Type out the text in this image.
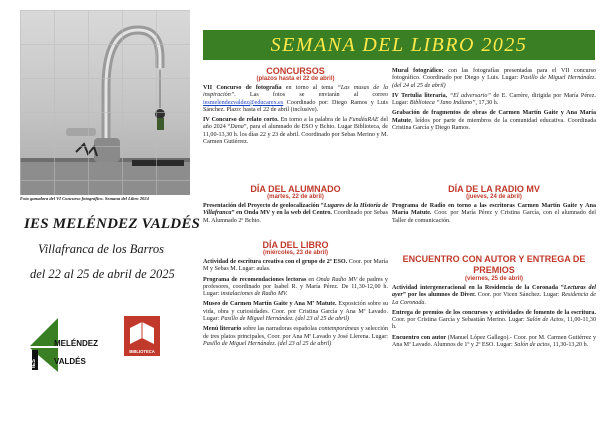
Foto ganadora del VI Concurso fotográfico. Semana del Libro 2024
IES MELÉNDEZ VALDÉS
Villafranca de los Barros
del 22 al 25 de abril de 2025
IES
MELÉNDEZ
VALDÉS
BIBLIOTECA
SEMANA DEL LIBRO 2025

CONCURSOS

(plazos hasta el 22 de abril)

VII Concurso de fotografía en torno al tema “Las musas de la inspiración”. Las fotos se enviarán al correo iesmelendezvaldez@educarex.es Coordinado por: Diego Ramos y Luis Sánchez. Plazo: hasta el 22 de abril (inclusive).

IV Concurso de relato corto. En torno a la palabra de la FundéuRAE del año 2024 “Dana”, para el alumnado de ESO y Bchto. Lugar Biblioteca, de 11,00-13,30 h. los días 22 y 23 de abril. Coordinado por Sebas Merino y M. Carmen Gutiérrez.

DÍA DEL ALUMNADO

(martes, 22 de abril)

Presentación del Proyecto de geolocalización “Lugares de la Historia de Villafranca” en Onda MV y en la web del Centro. Coordinado por Sebas M. Alumnado 2º Bchto.

DÍA DEL LIBRO

(miércoles, 23 de abril)

Actividad de escritura creativa con el grupo de 2º ESO. Coor. por María M y Sebas M. Lugar: aulas.

Programa de recomendaciones lectoras en Onda Radio MV de padres y profesores, coordinado por Isabel R. y María Pérez. De 11,30-12,00 h. Lugar: instalaciones de Radio MV.

Museo de Carmen Martín Gaite y Ana Mª Matute. Exposición sobre su vida, obra y curiosidades. Coor. por Cristina García y Ana Mª Lavado. Lugar: Pasillo de Miguel Hernández. (del 23 al 25 de abril)

Menú literario sobre las narradoras españolas contemporáneas y selección de tres platos principales, Coor. por Ana Mª Lavado y José Llerena. Lugar: Pasillo de Miguel Hernández. (del 23 al 25 de abril)

Mural fotográfico: con las fotografías presentadas para el VII concurso fotográfico. Coordinado por Diego y Luis. Lugar: Pasillo de Miguel Hernández. (del 24 al 25 de abril)

IV Tertulia literaria, “El adversario” de E. Carrère, dirigida por María Pérez. Lugar: Biblioteca “Jano Indiano”, 17,30 h.

Grabación de fragmentos de obras de Carmen Martín Gaite y Ana María Matute, leídos por parte de miembros de la comunidad educativa. Coordinada Cristina García y Diego Ramos.

DÍA DE LA RADIO MV

(jueves, 24 de abril)

Programa de Radio en torno a las escritoras Carmen Martín Gaite y Ana María Matute. Coor. por María Pérez y Cristina García, con el alumnado del Taller de comunicación.

ENCUENTRO CON AUTOR Y ENTREGA DE PREMIOS

(viernes, 25 de abril)

Actividad intergeneracional en la Residencia de la Coronada “Lecturas del ayer” por los alumnos de Diver. Coor. por Vicen Sánchez. Lugar: Residencia de La Coronada.

Entrega de premios de los concursos y actividades de fomento de la escritura. Coor. por Cristina García y Sebastián Merino. Lugar: Salón de Actos, 11,00-11,30 h.

Encuentro con autor (Manuel López Gallego).- Coor. por M. Carmen Gutiérrez y Ana Mª Lavado. Alumnos de 1º y 2º ESO. Lugar: Salón de actos, 11,30-13,20 h.
